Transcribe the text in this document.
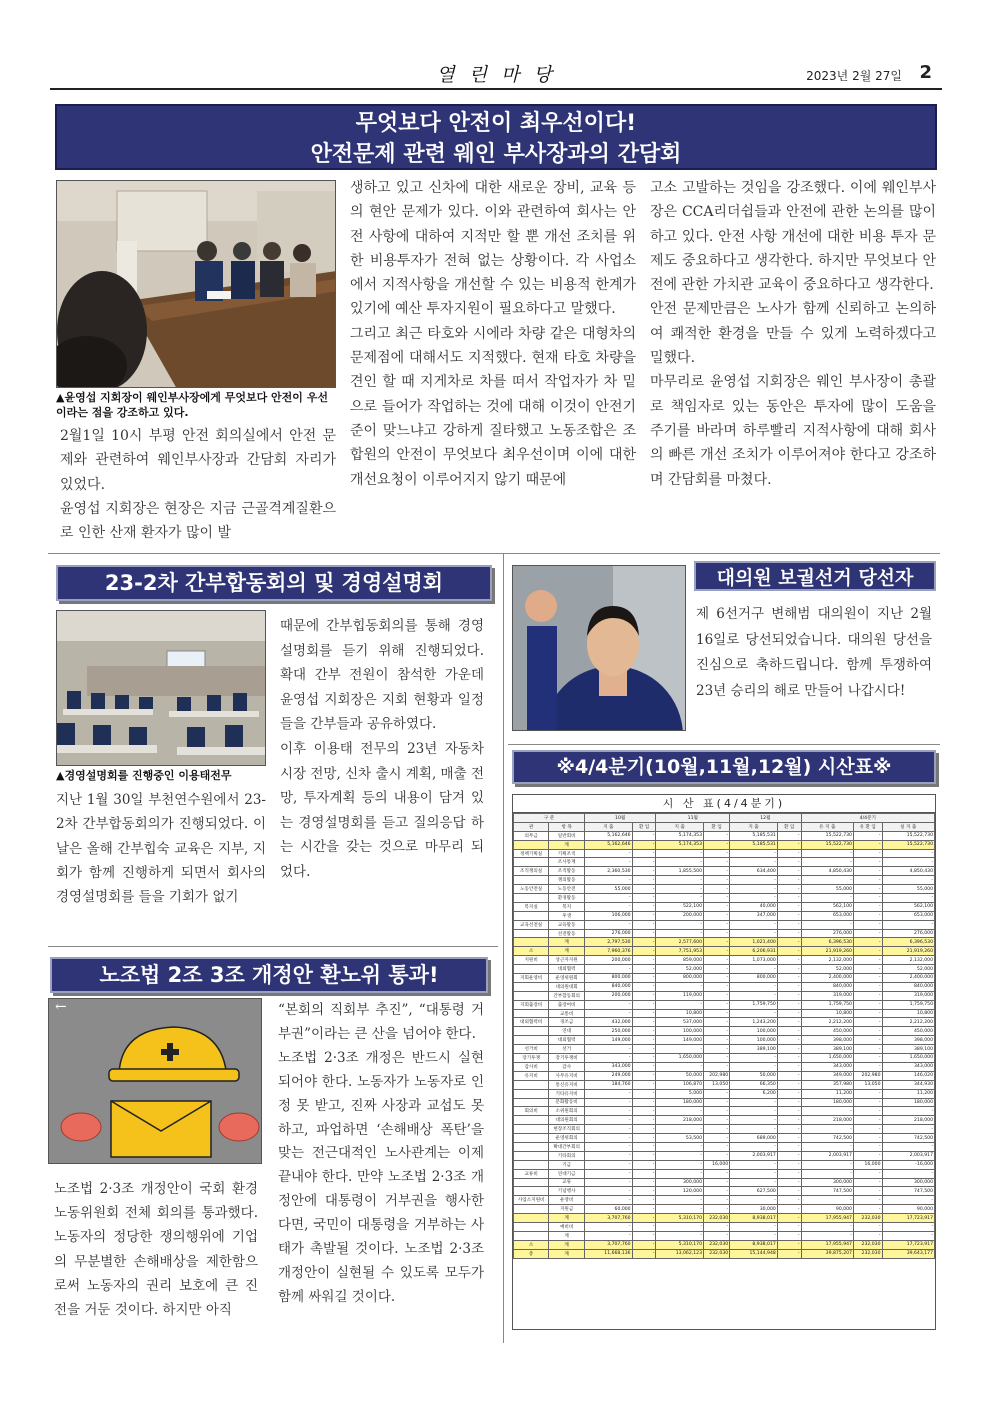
열 린 마 당	2023년 2월 27일 2
무엇보다 안전이 최우선이다!
안전문제 관련 웨인 부사장과의 간담회
▲윤영섭 지회장이 웨인부사장에게 무엇보다 안전이 우선이라는 점을 강조하고 있다.
2월1일 10시 부평 안전 회의실에서 안전 문제와 관련하여 웨인부사장과 간담회 자리가 있었다.
윤영섭 지회장은 현장은 지금 근골격계질환으로 인한 산재 환자가 많이 발
생하고 있고 신차에 대한 새로운 장비, 교육 등의 현안 문제가 있다. 이와 관련하여 회사는 안전 사항에 대하여 지적만 할 뿐 개선 조치를 위한 비용투자가 전혀 없는 상황이다. 각 사업소에서 지적사항을 개선할 수 있는 비용적 한계가 있기에 예산 투자지원이 필요하다고 말했다.
그리고 최근 타호와 시에라 차량 같은 대형차의 문제점에 대해서도 지적했다. 현재 타호 차량을 견인 할 때 지게차로 차를 떠서 작업자가 차 밑으로 들어가 작업하는 것에 대해 이것이 안전기준이 맞느냐고 강하게 질타했고 노동조합은 조합원의 안전이 무엇보다 최우선이며 이에 대한 개선요청이 이루어지지 않기 때문에
고소 고발하는 것임을 강조했다. 이에 웨인부사장은 CCA리더쉽들과 안전에 관한 논의를 많이 하고 있다. 안전 사항 개선에 대한 비용 투자 문제도 중요하다고 생각한다. 하지만 무엇보다 안전에 관한 가치관 교육이 중요하다고 생각한다.
안전 문제만큼은 노사가 함께 신뢰하고 논의하여 쾌적한 환경을 만들 수 있게 노력하겠다고 밀했다.
마무리로 윤영섭 지회장은 웨인 부사장이 총괄로 책임자로 있는 동안은 투자에 많이 도움을 주기를 바라며 하루빨리 지적사항에 대해 회사의 빠른 개선 조치가 이루어져야 한다고 강조하며 간담회를 마쳤다.
23-2차 간부합동회의 및 경영설명회
▲경영설명회를 진행중인 이용태전무
지난 1월 30일 부천연수원에서 23-2차 간부합동회의가 진행되었다. 이날은 올해 간부힙숙 교육은 지부, 지회가 함께 진행하게 되면서 회사의 경영설명회를 들을 기회가 없기
때문에 간부힙동회의를 통해 경영설명회를 듣기 위해 진행되었다. 확대 간부 전원이 참석한 가운데 윤영섭 지회장은 지회 현황과 일정들을 간부들과 공유하였다.
이후 이용태 전무의 23년 자동차 시장 전망, 신차 출시 계획, 매출 전망, 투자계획 등의 내용이 담겨 있는 경영설명회를 듣고 질의응답 하는 시간을 갖는 것으로 마무리 되었다.
노조법 2조 3조 개정안 환노위 통과!
←
노조법 2·3조 개정안이 국회 환경노동위원회 전체 회의를 통과했다. 노동자의 정당한 쟁의행위에 기업의 무분별한 손해배상을 제한함으로써 노동자의 권리 보호에 큰 진전을 거둔 것이다. 하지만 아직
“본회의 직회부 추진”, “대통령 거부권”이라는 큰 산을 넘어야 한다.
노조법 2·3조 개정은 반드시 실현되어야 한다. 노동자가 노동자로 인정 못 받고, 진짜 사장과 교섭도 못 하고, 파업하면 ‘손해배상 폭탄’을 맞는 전근대적인 노사관계는 이제 끝내야 한다. 만약 노조법 2·3조 개정안에 대통령이 거부권을 행사한다면, 국민이 대통령을 거부하는 사태가 촉발될 것이다. 노조법 2·3조 개정안이 실현될 수 있도록 모두가 함께 싸워길 것이다.
대의원 보궐선거 당선자
제 6선거구 변해범 대의원이 지난 2월 16일로 당선되었습니다. 대의원 당선을 진심으로 축하드립니다. 함께 투쟁하여 23년 승리의 해로 만들어 나갑시다!
※4/4분기(10월,11월,12월) 시산표※
시 산 표(4/4분기)
구 분		10월		11월		12월		4/4분기		
관	항 목	지 출	환 입	지 출	환 입	지 출	환 입	유 지 출	유 환 입	실 지 출
의무금	일반회비	5,162,646	-	5,174,353	-	5,185,531	-	15,522,730	-	15,522,730
	계	5,162,646	-	5,174,353	-	5,185,531	-	15,522,730	-	15,522,730
정책기획실	기획조직	-	-	-	-	-	-	-	-	-
	조사통계	-	-	-	-	-	-	-	-	-
조직쟁의실	조직활동	2,360,530	-	1,855,500	-	634,400	-	4,850,430	-	4,850,430
	쟁의활동	-	-	-	-	-	-	-	-	-
노동안전실	노동안전	55,000	-	-	-	-	-	55,000	-	55,000
	환경활동	-	-	-	-	-	-	-	-	-
복지실	복지	-	-	522,100	-	40,000	-	562,100	-	562,100
	후생	106,000	-	200,000	-	347,000	-	653,000	-	653,000
교육선전실	교육활동	-	-	-	-	-	-	-	-	-
	선전활동	276,000	-	-	-	-	-	276,000	-	276,000
	계	2,797,530	-	2,577,600	-	1,021,400	-	6,396,530	-	6,396,530
소	계	7,960,376	-	7,751,953	-	6,206,931	-	21,919,260	-	21,919,260
지원비	상근자지원	200,000	-	859,000	-	1,073,000	-	2,132,000	-	2,132,000
	대외협력	-	-	52,000	-	-	-	52,000	-	52,000
지회운영비	운영위원회	800,000	-	800,000	-	800,000	-	2,400,000	-	2,400,000
	대의원대회	840,000	-	-	-	-	-	840,000	-	840,000
	간부합동회의	200,000	-	119,000	-	-	-	319,000	-	319,000
지회출장비	출장여비	-	-	-	-	1,759,750	-	1,759,750	-	1,759,750
	교통비	-	-	10,800	-	-	-	10,800	-	10,800
대외협력비	경조금	432,000	-	537,000	-	1,243,200	-	2,212,200	-	2,212,200
	연대	250,000	-	100,000	-	100,000	-	450,000	-	450,000
	대외협력	149,000	-	149,000	-	100,000	-	398,000	-	398,000
선거비	선거	-	-	-	-	389,100	-	389,100	-	389,100
장기투쟁	장기투쟁비	-	-	1,650,000	-	-	-	1,650,000	-	1,650,000
감사비	감사	343,000	-	-	-	-	-	343,000	-	343,000
유지비	사무유지비	249,000	-	50,000	202,980	50,000	-	349,000	202,980	146,020
	통신유지비	184,760	-	106,870	13,050	66,350	-	357,980	13,050	344,930
	기타유지비	-	-	5,000	-	6,200	-	11,200	-	11,200
	문화활동비	-	-	180,000	-	-	-	180,000	-	180,000
회의비	소위원회의	-	-	-	-	-	-	-	-	-
	대의원회의	-	-	218,000	-	-	-	218,000	-	218,000
	현장조직회의	-	-	-	-	-	-	-	-	-
	운영위회의	-	-	53,500	-	689,000	-	742,500	-	742,500
	확대간부회의	-	-	-	-	-	-	-	-	-
	기타회의	-	-	-	-	2,003,917	-	2,003,917	-	2,003,917
	기금	-	-	-	16,000	-	-	-	16,000	-16,000
교류비	연대기금	-	-	-	-	-	-	-	-	-
	교류	-	-	300,000	-	-	-	300,000	-	300,000
	기념행사	-	-	120,000	-	627,500	-	747,500	-	747,500
사업소지원비	운영비	-	-	-	-	-	-	-	-	-
	지원금	60,000	-	-	-	30,000	-	90,000	-	90,000
	계	3,707,760	-	5,310,170	232,030	8,938,017	-	17,955,947	232,030	17,723,917
	예비비	-	-	-	-	-	-	-	-	-
	계	-	-	-	-	-	-	-	-	-
소	계	3,707,760	-	5,310,170	232,030	8,938,017	-	17,955,947	232,030	17,723,917
총	계	11,668,136	-	13,062,123	232,030	15,144,948	-	39,875,207	232,030	39,643,177
